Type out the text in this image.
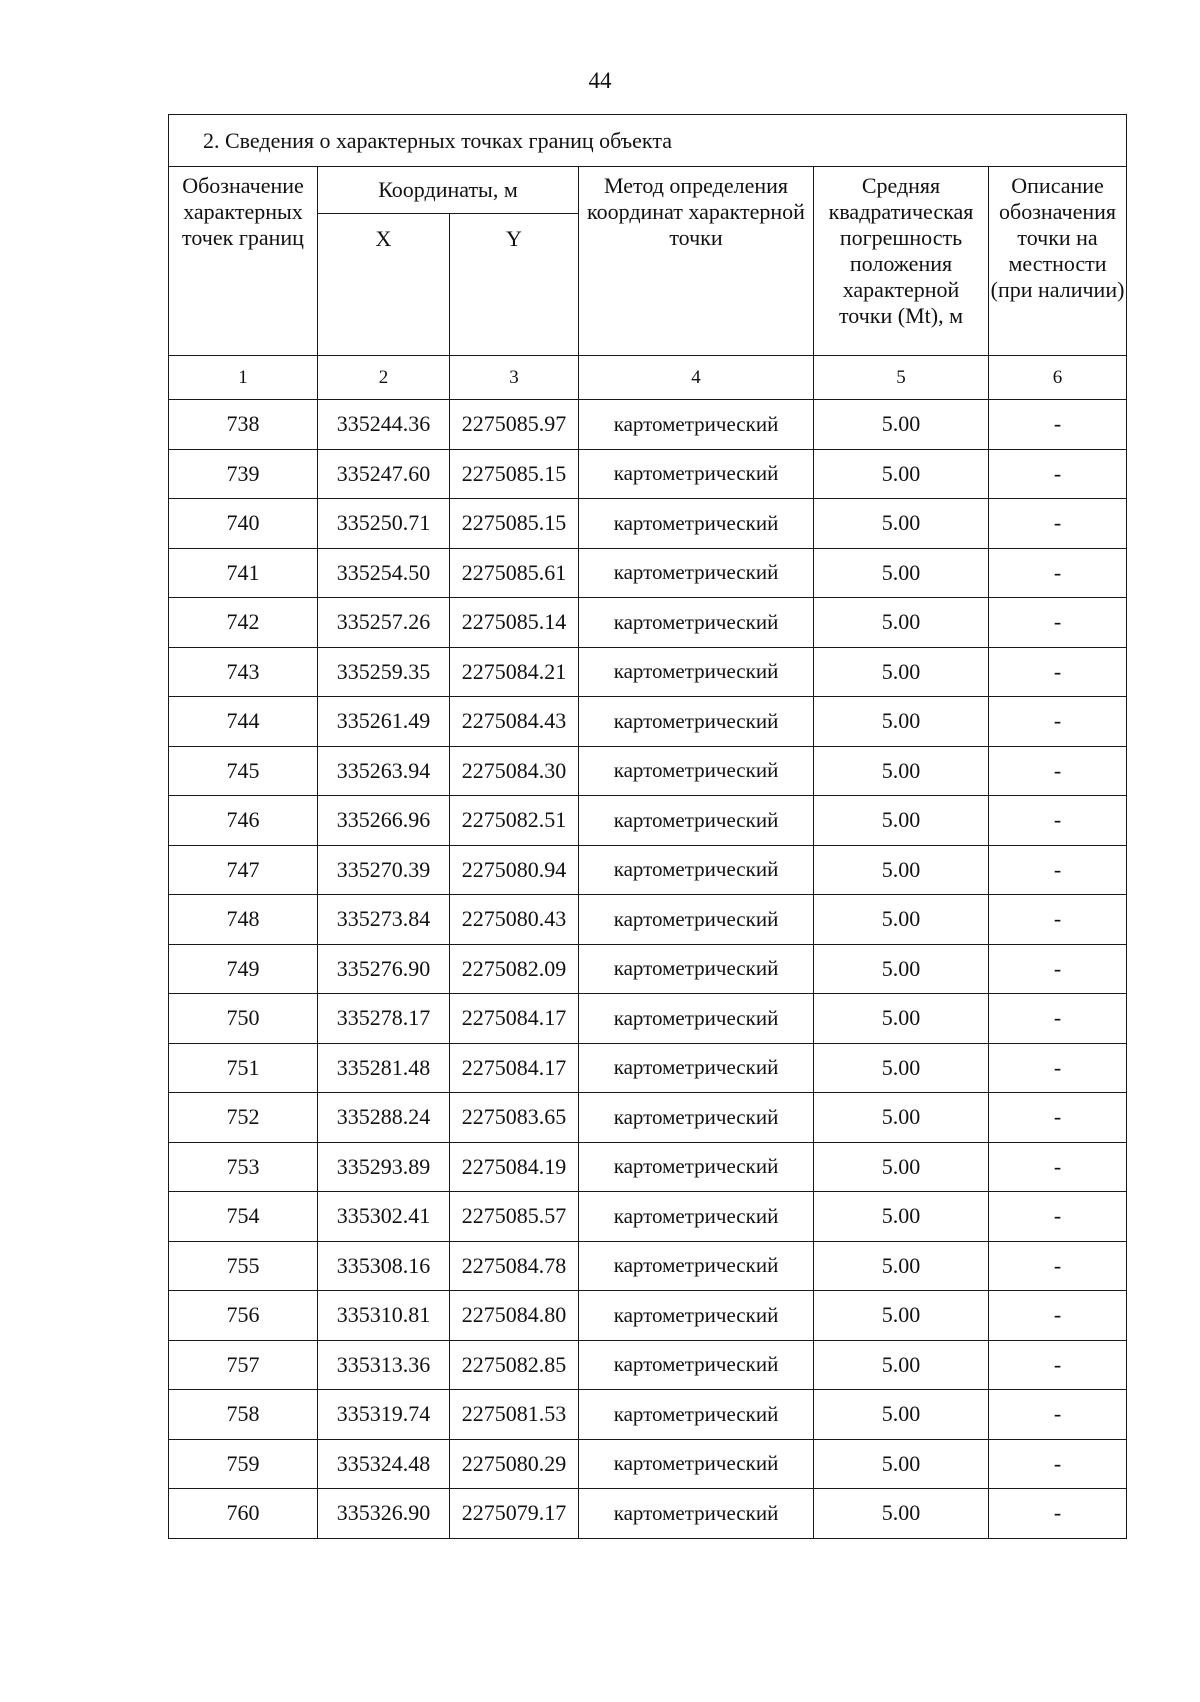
44
2. Сведения о характерных точках границ объекта					
Обозначение характерных точек границ	Координаты, м		Метод определения координат характерной точки	Средняя квадратическая погрешность положения характерной точки (Mt), м	Описание обозначения точки на местности (при наличии)
	X	Y			
1	2	3	4	5	6
738	335244.36	2275085.97	картометрический	5.00	-
739	335247.60	2275085.15	картометрический	5.00	-
740	335250.71	2275085.15	картометрический	5.00	-
741	335254.50	2275085.61	картометрический	5.00	-
742	335257.26	2275085.14	картометрический	5.00	-
743	335259.35	2275084.21	картометрический	5.00	-
744	335261.49	2275084.43	картометрический	5.00	-
745	335263.94	2275084.30	картометрический	5.00	-
746	335266.96	2275082.51	картометрический	5.00	-
747	335270.39	2275080.94	картометрический	5.00	-
748	335273.84	2275080.43	картометрический	5.00	-
749	335276.90	2275082.09	картометрический	5.00	-
750	335278.17	2275084.17	картометрический	5.00	-
751	335281.48	2275084.17	картометрический	5.00	-
752	335288.24	2275083.65	картометрический	5.00	-
753	335293.89	2275084.19	картометрический	5.00	-
754	335302.41	2275085.57	картометрический	5.00	-
755	335308.16	2275084.78	картометрический	5.00	-
756	335310.81	2275084.80	картометрический	5.00	-
757	335313.36	2275082.85	картометрический	5.00	-
758	335319.74	2275081.53	картометрический	5.00	-
759	335324.48	2275080.29	картометрический	5.00	-
760	335326.90	2275079.17	картометрический	5.00	-
